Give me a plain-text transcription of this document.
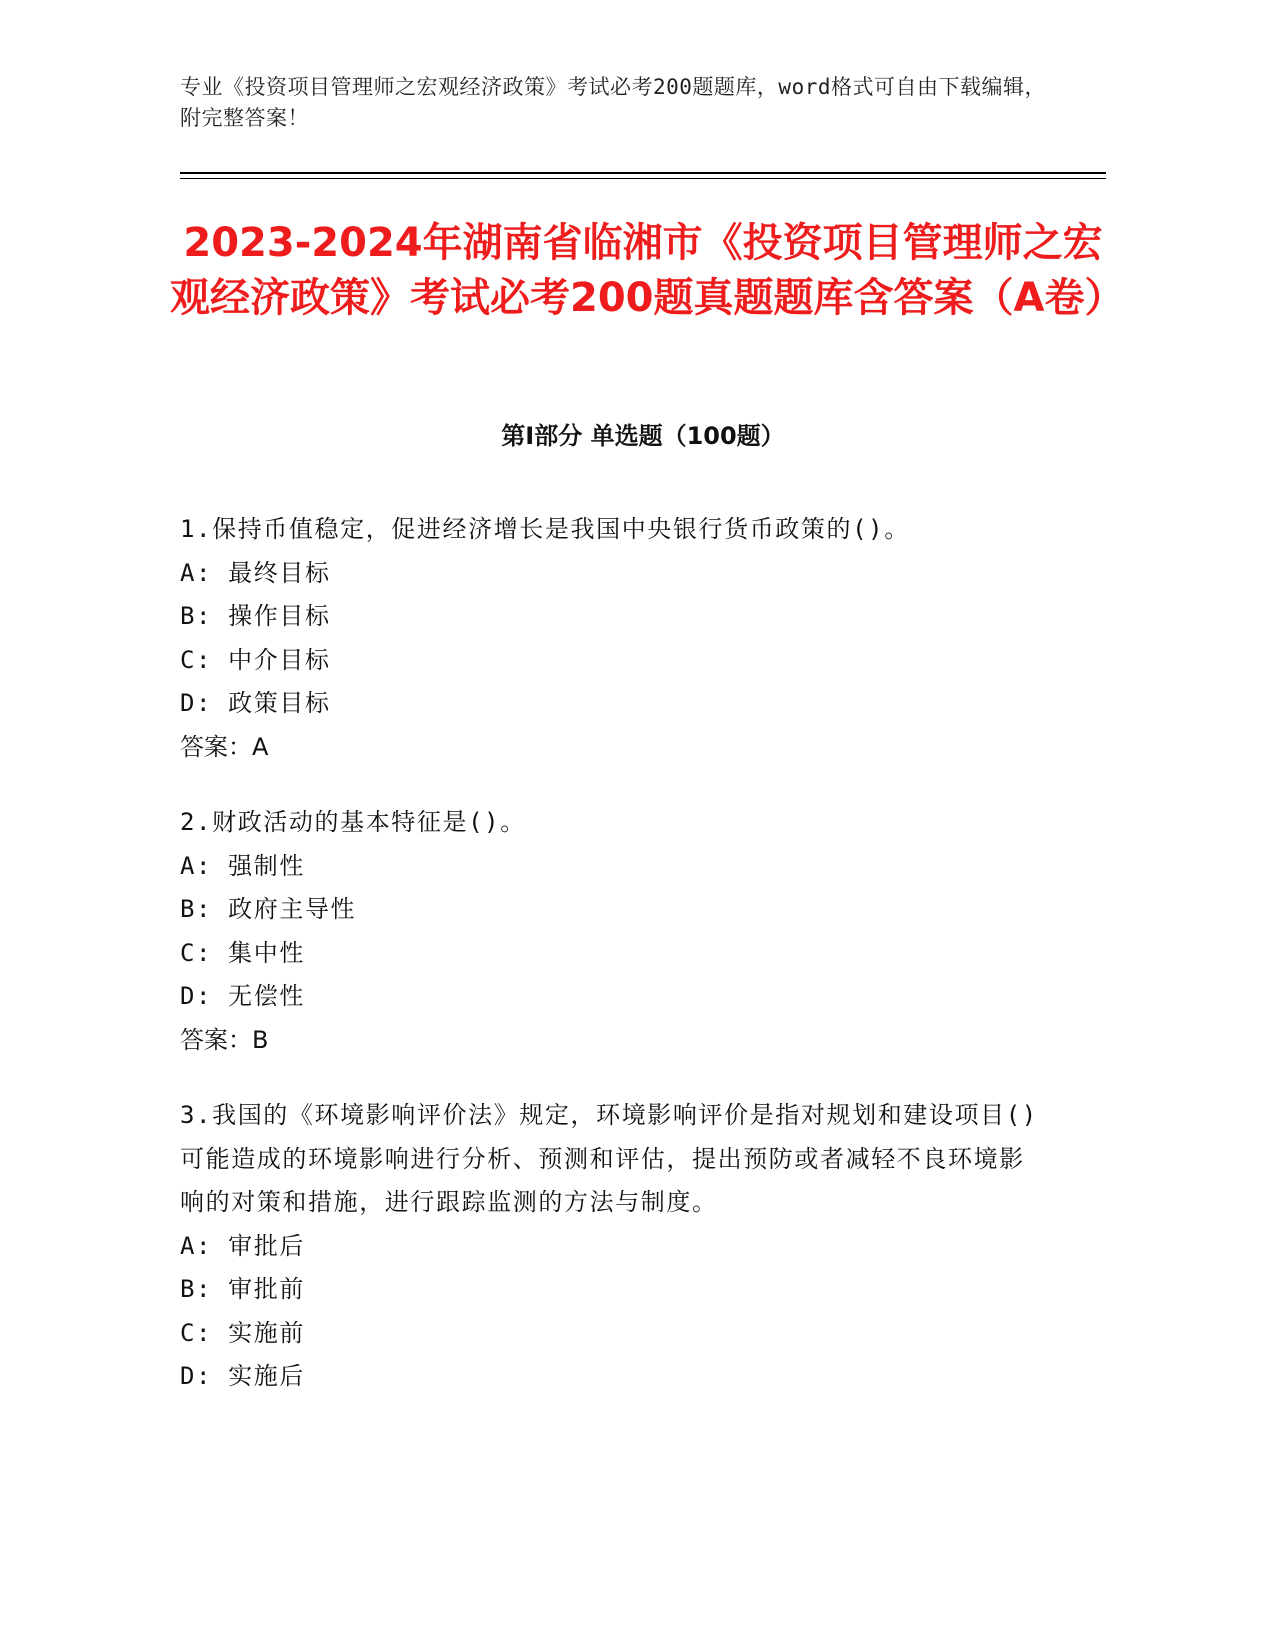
专业《投资项目管理师之宏观经济政策》考试必考200题题库，word格式可自由下载编辑，附完整答案！
2023-2024年湖南省临湘市《投资项目管理师之宏观经济政策》考试必考200题真题题库含答案（A卷）
第I部分 单选题（100题）
1.保持币值稳定，促进经济增长是我国中央银行货币政策的()。
A: 最终目标
B: 操作目标
C: 中介目标
D: 政策目标
答案：A
2.财政活动的基本特征是()。
A: 强制性
B: 政府主导性
C: 集中性
D: 无偿性
答案：B
3.我国的《环境影响评价法》规定，环境影响评价是指对规划和建设项目()可能造成的环境影响进行分析、预测和评估，提出预防或者减轻不良环境影响的对策和措施，进行跟踪监测的方法与制度。
A: 审批后
B: 审批前
C: 实施前
D: 实施后
